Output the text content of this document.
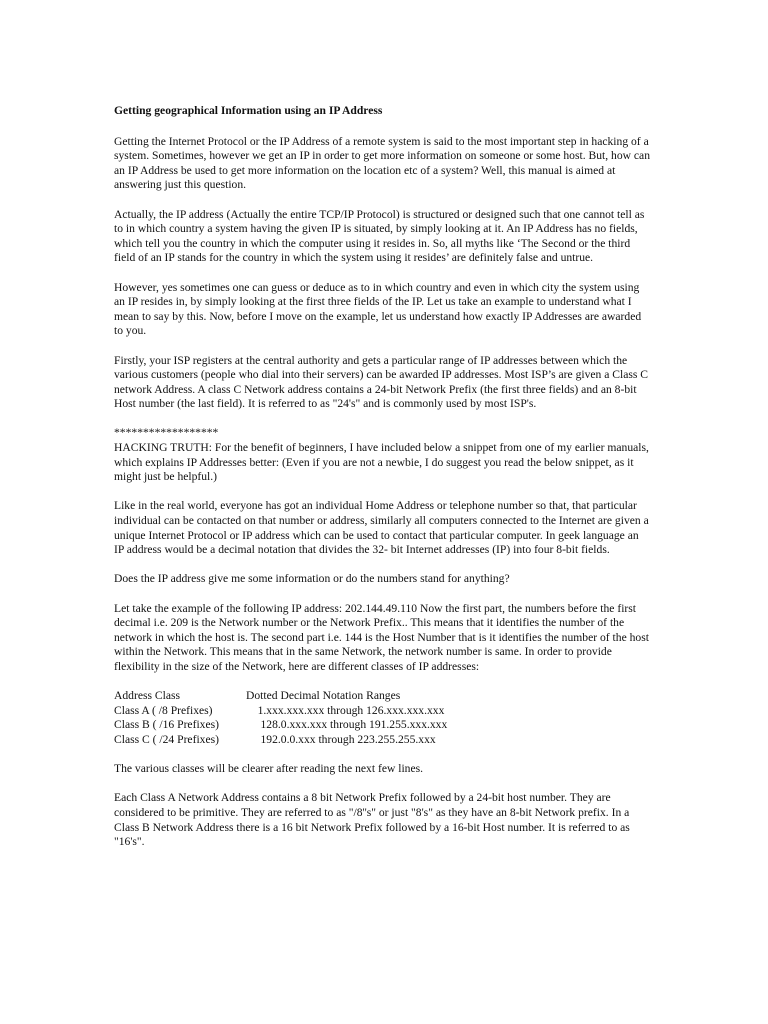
Getting geographical Information using an IP Address

Getting the Internet Protocol or the IP Address of a remote system is said to the most important step in hacking of a system. Sometimes, however we get an IP in order to get more information on someone or some host. But, how can an IP Address be used to get more information on the location etc of a system? Well, this manual is aimed at answering just this question.

Actually, the IP address (Actually the entire TCP/IP Protocol) is structured or designed such that one cannot tell as to in which country a system having the given IP is situated, by simply looking at it. An IP Address has no fields, which tell you the country in which the computer using it resides in. So, all myths like ‘The Second or the third field of an IP stands for the country in which the system using it resides’ are definitely false and untrue.

However, yes sometimes one can guess or deduce as to in which country and even in which city the system using an IP resides in, by simply looking at the first three fields of the IP. Let us take an example to understand what I mean to say by this. Now, before I move on the example, let us understand how exactly IP Addresses are awarded to you.

Firstly, your ISP registers at the central authority and gets a particular range of IP addresses between which the various customers (people who dial into their servers) can be awarded IP addresses. Most ISP’s are given a Class C network Address. A class C Network address contains a 24-bit Network Prefix (the first three fields) and an 8-bit Host number (the last field). It is referred to as "24's" and is commonly used by most ISP's.

******************
HACKING TRUTH: For the benefit of beginners, I have included below a snippet from one of my earlier manuals, which explains IP Addresses better: (Even if you are not a newbie, I do suggest you read the below snippet, as it might just be helpful.)

Like in the real world, everyone has got an individual Home Address or telephone number so that, that particular individual can be contacted on that number or address, similarly all computers connected to the Internet are given a unique Internet Protocol or IP address which can be used to contact that particular computer. In geek language an IP address would be a decimal notation that divides the 32- bit Internet addresses (IP) into four 8-bit fields.

Does the IP address give me some information or do the numbers stand for anything?

Let take the example of the following IP address: 202.144.49.110 Now the first part, the numbers before the first decimal i.e. 209 is the Network number or the Network Prefix.. This means that it identifies the number of the network in which the host is. The second part i.e. 144 is the Host Number that is it identifies the number of the host within the Network. This means that in the same Network, the network number is same. In order to provide flexibility in the size of the Network, here are different classes of IP addresses:

Address Class	Dotted Decimal Notation Ranges
Class A ( /8 Prefixes)	1.xxx.xxx.xxx through 126.xxx.xxx.xxx
Class B ( /16 Prefixes)	128.0.xxx.xxx through 191.255.xxx.xxx
Class C ( /24 Prefixes)	192.0.0.xxx through 223.255.255.xxx

The various classes will be clearer after reading the next few lines.

Each Class A Network Address contains a 8 bit Network Prefix followed by a 24-bit host number. They are considered to be primitive. They are referred to as "/8''s" or just "8's" as they have an 8-bit Network prefix. In a Class B Network Address there is a 16 bit Network Prefix followed by a 16-bit Host number. It is referred to as "16's".
